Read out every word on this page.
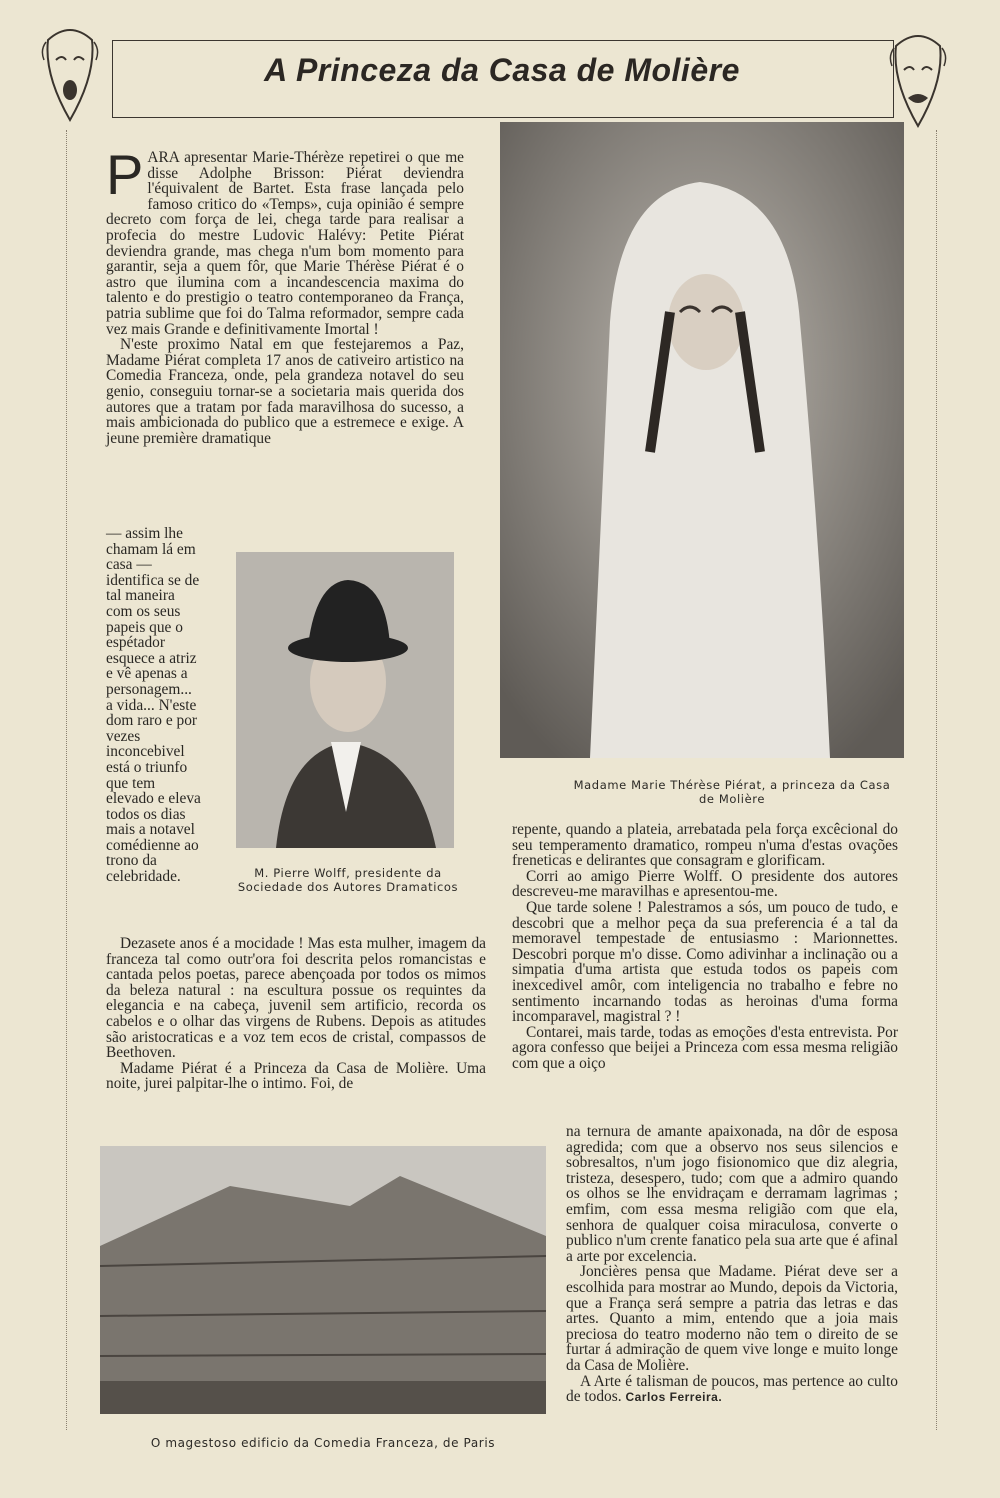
A Princeza da Casa de Molière

PARA apresentar Marie-Thérèze repetirei o que me disse Adolphe Brisson: Piérat deviendra l'équivalent de Bartet. Esta frase lançada pelo famoso critico do «Temps», cuja opinião é sempre decreto com força de lei, chega tarde para realisar a profecia do mestre Ludovic Halévy: Petite Piérat deviendra grande, mas chega n'um bom momento para garantir, seja a quem fôr, que Marie Thérèse Piérat é o astro que ilumina com a incandescencia maxima do talento e do prestigio o teatro contemporaneo da França, patria sublime que foi do Talma reformador, sempre cada vez mais Grande e definitivamente Imortal !

N'este proximo Natal em que festejaremos a Paz, Madame Piérat completa 17 anos de cativeiro artistico na Comedia Franceza, onde, pela grandeza notavel do seu genio, conseguiu tornar-se a societaria mais querida dos autores que a tratam por fada maravilhosa do sucesso, a mais ambicionada do publico que a estremece e exige. A jeune première dramatique

— assim lhe chamam lá em casa — identifica se de tal maneira com os seus papeis que o espétador esquece a atriz e vê apenas a personagem... a vida... N'este dom raro e por vezes inconcebivel está o triunfo que tem elevado e eleva todos os dias mais a notavel comédienne ao trono da celebridade.

Dezasete anos é a mocidade ! Mas esta mulher, imagem da franceza tal como outr'ora foi descrita pelos romancistas e cantada pelos poetas, parece abençoada por todos os mimos da beleza natural : na escultura possue os requintes da elegancia e na cabeça, juvenil sem artificio, recorda os cabelos e o olhar das virgens de Rubens. Depois as atitudes são aristocraticas e a voz tem ecos de cristal, compassos de Beethoven.

Madame Piérat é a Princeza da Casa de Molière. Uma noite, jurei palpitar-lhe o intimo. Foi, de

Madame Marie Thérèse Piérat, a princeza da Casa de Molière
M. Pierre Wolff, presidente da Sociedade dos Autores Dramaticos

repente, quando a plateia, arrebatada pela força excêcional do seu temperamento dramatico, rompeu n'uma d'estas ovações freneticas e delirantes que consagram e glorificam.

Corri ao amigo Pierre Wolff. O presidente dos autores descreveu-me maravilhas e apresentou-me.

Que tarde solene ! Palestramos a sós, um pouco de tudo, e descobri que a melhor peça da sua preferencia é a tal da memoravel tempestade de entusiasmo : Marionnettes. Descobri porque m'o disse. Como adivinhar a inclinação ou a simpatia d'uma artista que estuda todos os papeis com inexcedivel amôr, com inteligencia no trabalho e febre no sentimento incarnando todas as heroinas d'uma forma incomparavel, magistral ? !

Contarei, mais tarde, todas as emoções d'esta entrevista. Por agora confesso que beijei a Princeza com essa mesma religião com que a oiço

na ternura de amante apaixonada, na dôr de esposa agredida; com que a observo nos seus silencios e sobresaltos, n'um jogo fisionomico que diz alegria, tristeza, desespero, tudo; com que a admiro quando os olhos se lhe envidraçam e derramam lagrimas ; emfim, com essa mesma religião com que ela, senhora de qualquer coisa miraculosa, converte o publico n'um crente fanatico pela sua arte que é afinal a arte por excelencia.

Joncières pensa que Madame. Piérat deve ser a escolhida para mostrar ao Mundo, depois da Victoria, que a França será sempre a patria das letras e das artes. Quanto a mim, entendo que a joia mais preciosa do teatro moderno não tem o direito de se furtar á admiração de quem vive longe e muito longe da Casa de Molière.

A Arte é talisman de poucos, mas pertence ao culto de todos. Carlos Ferreira.

O magestoso edificio da Comedia Franceza, de Paris
